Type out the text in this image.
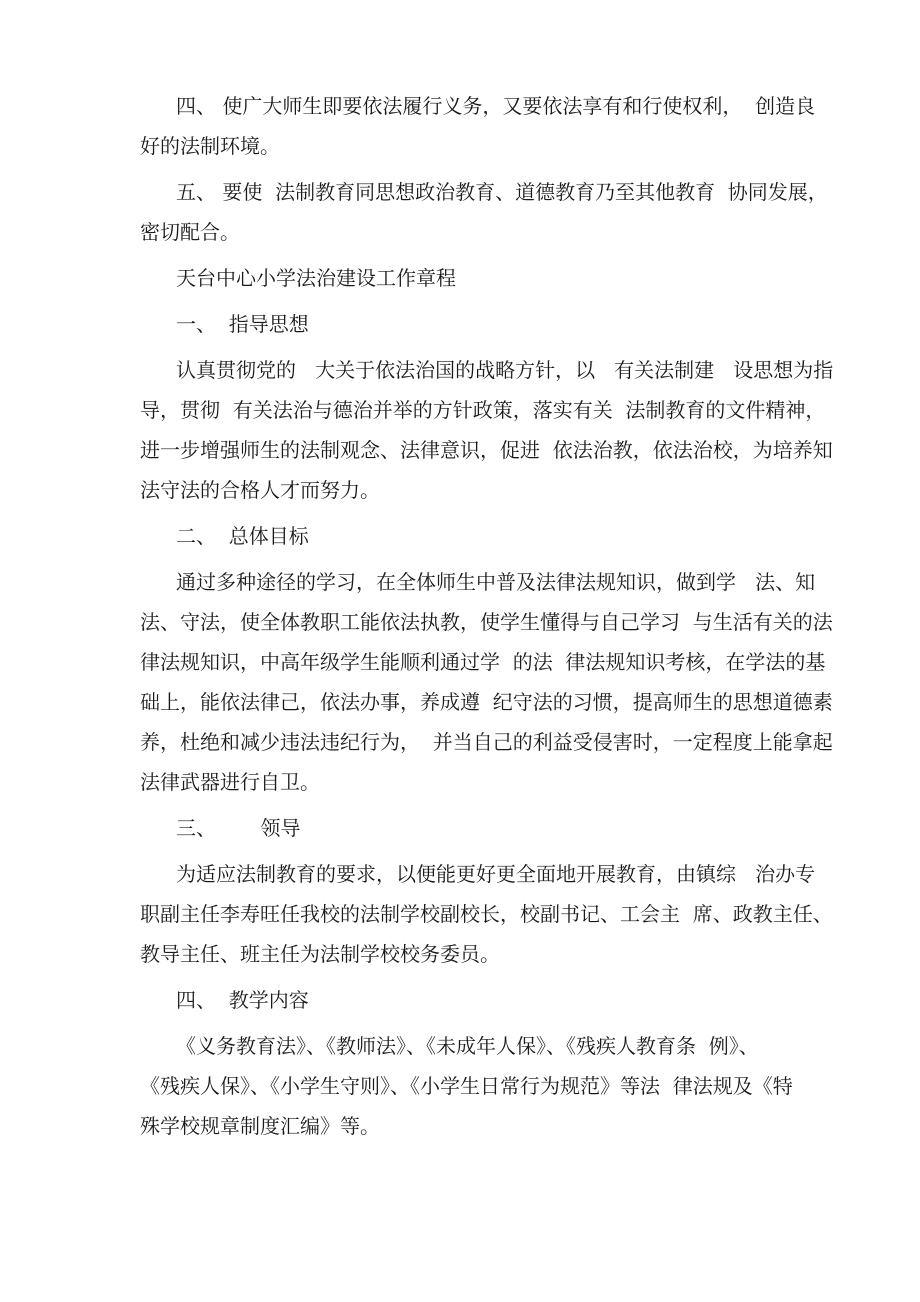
四、 使广大师生即要依法履行义务，又要依法享有和行使权利，  创造良
好的法制环境。

五、 要使  法制教育同思想政治教育、道德教育乃至其他教育  协同发展，
密切配合。

天台中心小学法治建设工作章程

一、  指导思想

认真贯彻党的   大关于依法治国的战略方针，以   有关法制建   设思想为指
导，贯彻  有关法治与德治并举的方针政策，落实有关  法制教育的文件精神，
进一步增强师生的法制观念、法律意识，促进  依法治教，依法治校，为培养知
法守法的合格人才而努力。

二、  总体目标

通过多种途径的学习，在全体师生中普及法律法规知识，做到学   法、知
法、守法，使全体教职工能依法执教，使学生懂得与自己学习  与生活有关的法
律法规知识，中高年级学生能顺利通过学  的法  律法规知识考核，在学法的基
础上，能依法律己，依法办事，养成遵  纪守法的习惯，提高师生的思想道德素
养，杜绝和减少违法违纪行为，  并当自己的利益受侵害时，一定程度上能拿起
法律武器进行自卫。

三、       领导

为适应法制教育的要求，以便能更好更全面地开展教育，由镇综   治办专
职副主任李寿旺任我校的法制学校副校长，校副书记、工会主  席、政教主任、
教导主任、班主任为法制学校校务委员。

四、  教学内容

《义务教育法》、《教师法》、《未成年人保》、《残疾人教育条  例》、
《残疾人保》、《小学生守则》、《小学生日常行为规范》等法  律法规及《特
殊学校规章制度汇编》等。
